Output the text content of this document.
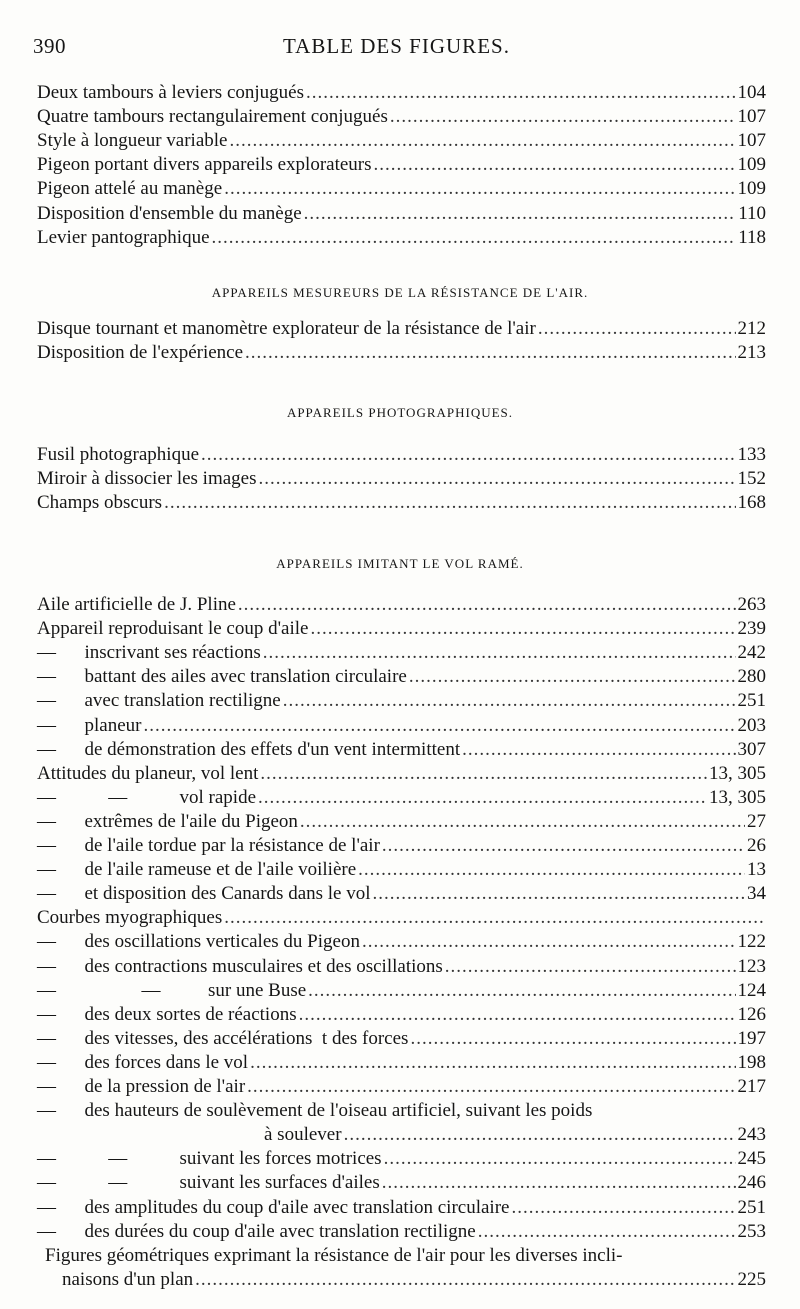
390	TABLE DES FIGURES.
Deux tambours à leviers conjugués .....	104
Quatre tambours rectangulairement conjugués .....	107
Style à longueur variable .....	107
Pigeon portant divers appareils explorateurs .....	109
Pigeon attelé au manège .....	109
Disposition d'ensemble du manège .....	110
Levier pantographique .....	118
APPAREILS MESUREURS DE LA RÉSISTANCE DE L'AIR.
Disque tournant et manomètre explorateur de la résistance de l'air .....	212
Disposition de l'expérience .....	213
APPAREILS PHOTOGRAPHIQUES.
Fusil photographique .....	133
Miroir à dissocier les images .....	152
Champs obscurs .....	168
APPAREILS IMITANT LE VOL RAMÉ.
Aile artificielle de J. Pline .....	263
Appareil reproduisant le coup d'aile .....	239
—      inscrivant ses réactions .....	242
—      battant des ailes avec translation circulaire .....	280
—      avec translation rectiligne .....	251
—      planeur .....	203
—      de démonstration des effets d'un vent intermittent .....	307
Attitudes du planeur, vol lent .....	13, 305
—           —           vol rapide .....	13, 305
—      extrêmes de l'aile du Pigeon .....	27
—      de l'aile tordue par la résistance de l'air .....	26
—      de l'aile rameuse et de l'aile voilière .....	13
—      et disposition des Canards dans le vol .....	34
Courbes myographiques
.....
—      des oscillations verticales du Pigeon .....	122
—      des contractions musculaires et des oscillations .....	123
—                  —          sur une Buse .....	124
—      des deux sortes de réactions .....	126
—      des vitesses, des accélérations  t des forces .....	197
—      des forces dans le vol .....	198
—      de la pression de l'air .....	217
—      des hauteurs de soulèvement de l'oiseau artificiel, suivant les poids
à soulever .....	243
—           —           suivant les forces motrices .....	245
—           —           suivant les surfaces d'ailes .....	246
—      des amplitudes du coup d'aile avec translation circulaire .....	251
—      des durées du coup d'aile avec translation rectiligne .....	253
Figures géométriques exprimant la résistance de l'air pour les diverses incli-
naisons d'un plan .....	225
